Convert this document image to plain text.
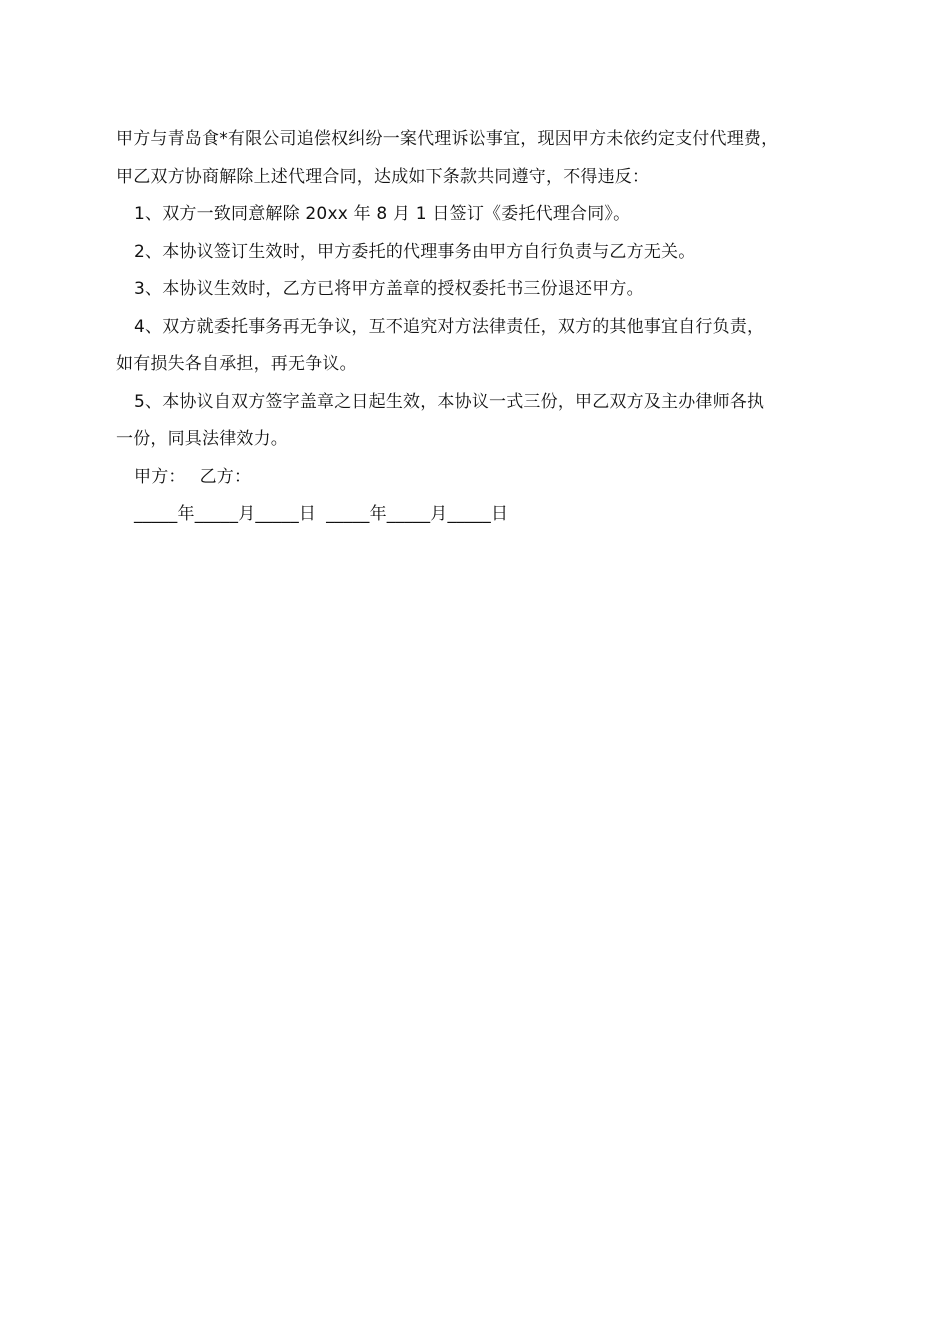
甲方与青岛食*有限公司追偿权纠纷一案代理诉讼事宜，现因甲方未依约定支付代理费，
甲乙双方协商解除上述代理合同，达成如下条款共同遵守，不得违反：
1、双方一致同意解除 20xx 年 8 月 1 日签订《委托代理合同》。
2、本协议签订生效时，甲方委托的代理事务由甲方自行负责与乙方无关。
3、本协议生效时，乙方已将甲方盖章的授权委托书三份退还甲方。
4、双方就委托事务再无争议，互不追究对方法律责任，双方的其他事宜自行负责，
如有损失各自承担，再无争议。
5、本协议自双方签字盖章之日起生效，本协议一式三份，甲乙双方及主办律师各执
一份，同具法律效力。
甲方： 乙方：
_____年_____月_____日 _____年_____月_____日
